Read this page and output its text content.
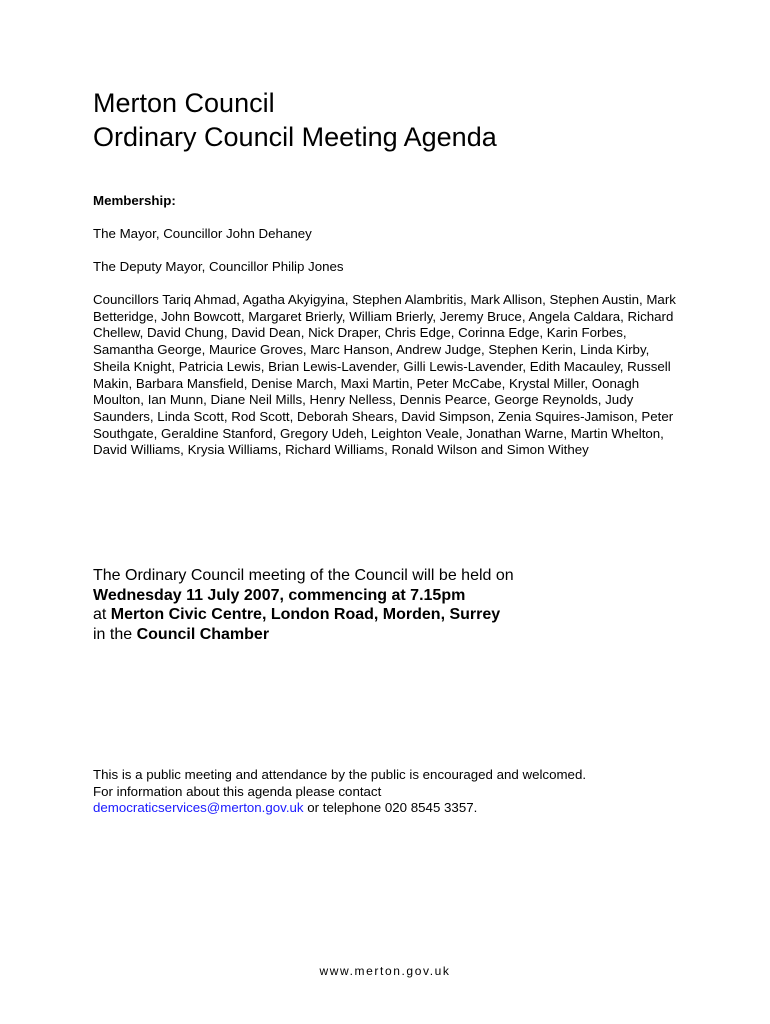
Merton Council
Ordinary Council Meeting Agenda

Membership:

The Mayor, Councillor John Dehaney

The Deputy Mayor, Councillor Philip Jones

Councillors Tariq Ahmad, Agatha Akyigyina, Stephen Alambritis, Mark Allison, Stephen Austin, Mark Betteridge, John Bowcott, Margaret Brierly, William Brierly, Jeremy Bruce, Angela Caldara, Richard Chellew, David Chung, David Dean, Nick Draper, Chris Edge, Corinna Edge, Karin Forbes, Samantha George, Maurice Groves, Marc Hanson, Andrew Judge, Stephen Kerin, Linda Kirby, Sheila Knight, Patricia Lewis, Brian Lewis-Lavender, Gilli Lewis-Lavender, Edith Macauley, Russell Makin, Barbara Mansfield, Denise March, Maxi Martin, Peter McCabe, Krystal Miller, Oonagh Moulton, Ian Munn, Diane Neil Mills, Henry Nelless, Dennis Pearce, George Reynolds, Judy Saunders, Linda Scott, Rod Scott, Deborah Shears, David Simpson, Zenia Squires-Jamison, Peter Southgate, Geraldine Stanford, Gregory Udeh, Leighton Veale, Jonathan Warne, Martin Whelton, David Williams, Krysia Williams, Richard Williams, Ronald Wilson and Simon Withey

The Ordinary Council meeting of the Council will be held on
Wednesday 11 July 2007, commencing at 7.15pm
at Merton Civic Centre, London Road, Morden, Surrey
in the Council Chamber
This is a public meeting and attendance by the public is encouraged and welcomed.
For information about this agenda please contact
democraticservices@merton.gov.uk or telephone 020 8545 3357.
www.merton.gov.uk
